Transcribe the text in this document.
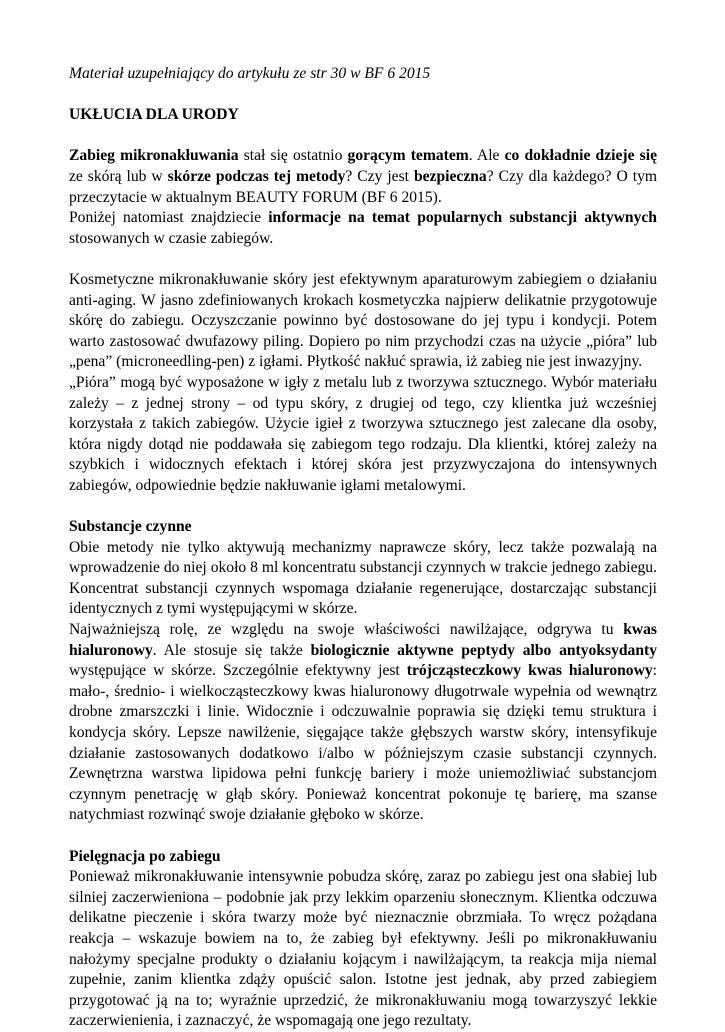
Materiał uzupełniający do artykułu ze str 30 w BF 6 2015

UKŁUCIA DLA URODY

Zabieg mikronakłuwania stał się ostatnio gorącym tematem. Ale co dokładnie dzieje się ze skórą lub w skórze podczas tej metody? Czy jest bezpieczna? Czy dla każdego? O tym przeczytacie w aktualnym BEAUTY FORUM (BF 6 2015).

Poniżej natomiast znajdziecie informacje na temat popularnych substancji aktywnych stosowanych w czasie zabiegów.

Kosmetyczne mikronakłuwanie skóry jest efektywnym aparaturowym zabiegiem o działaniu anti-aging. W jasno zdefiniowanych krokach kosmetyczka najpierw delikatnie przygotowuje skórę do zabiegu. Oczyszczanie powinno być dostosowane do jej typu i kondycji. Potem warto zastosować dwufazowy piling. Dopiero po nim przychodzi czas na użycie „pióra” lub „pena” (microneedling-pen) z igłami. Płytkość nakłuć sprawia, iż zabieg nie jest inwazyjny.

„Pióra” mogą być wyposażone w igły z metalu lub z tworzywa sztucznego. Wybór materiału zależy – z jednej strony – od typu skóry, z drugiej od tego, czy klientka już wcześniej korzystała z takich zabiegów. Użycie igieł z tworzywa sztucznego jest zalecane dla osoby, która nigdy dotąd nie poddawała się zabiegom tego rodzaju. Dla klientki, której zależy na szybkich i widocznych efektach i której skóra jest przyzwyczajona do intensywnych zabiegów, odpowiednie będzie nakłuwanie igłami metalowymi.

Substancje czynne

Obie metody nie tylko aktywują mechanizmy naprawcze skóry, lecz także pozwalają na wprowadzenie do niej około 8 ml koncentratu substancji czynnych w trakcie jednego zabiegu. Koncentrat substancji czynnych wspomaga działanie regenerujące, dostarczając substancji identycznych z tymi występującymi w skórze.

Najważniejszą rolę, ze względu na swoje właściwości nawilżające, odgrywa tu kwas hialuronowy. Ale stosuje się także biologicznie aktywne peptydy albo antyoksydanty występujące w skórze. Szczególnie efektywny jest trójcząsteczkowy kwas hialuronowy: mało-, średnio- i wielkocząsteczkowy kwas hialuronowy długotrwale wypełnia od wewnątrz drobne zmarszczki i linie. Widocznie i odczuwalnie poprawia się dzięki temu struktura i kondycja skóry. Lepsze nawilżenie, sięgające także głębszych warstw skóry, intensyfikuje działanie zastosowanych dodatkowo i/albo w późniejszym czasie substancji czynnych. Zewnętrzna warstwa lipidowa pełni funkcję bariery i może uniemożliwiać substancjom czynnym penetrację w głąb skóry. Ponieważ koncentrat pokonuje tę barierę, ma szanse natychmiast rozwinąć swoje działanie głęboko w skórze.

Pielęgnacja po zabiegu

Ponieważ mikronakłuwanie intensywnie pobudza skórę, zaraz po zabiegu jest ona słabiej lub silniej zaczerwieniona – podobnie jak przy lekkim oparzeniu słonecznym. Klientka odczuwa delikatne pieczenie i skóra twarzy może być nieznacznie obrzmiała. To wręcz pożądana reakcja – wskazuje bowiem na to, że zabieg był efektywny. Jeśli po mikronakłuwaniu nałożymy specjalne produkty o działaniu kojącym i nawilżającym, ta reakcja mija niemal zupełnie, zanim klientka zdąży opuścić salon. Istotne jest jednak, aby przed zabiegiem przygotować ją na to; wyraźnie uprzedzić, że mikronakłuwaniu mogą towarzyszyć lekkie zaczerwienienia, i zaznaczyć, że wspomagają one jego rezultaty.
